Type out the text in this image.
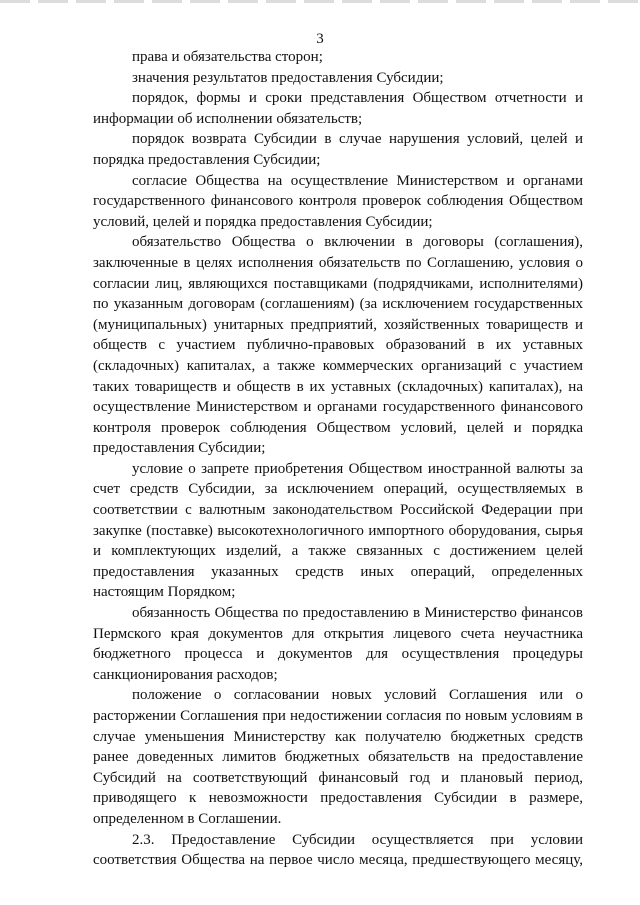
3

права и обязательства сторон;

значения результатов предоставления Субсидии;

порядок, формы и сроки представления Обществом отчетности и информации об исполнении обязательств;

порядок возврата Субсидии в случае нарушения условий, целей и порядка предоставления Субсидии;

согласие Общества на осуществление Министерством и органами государственного финансового контроля проверок соблюдения Обществом условий, целей и порядка предоставления Субсидии;

обязательство Общества о включении в договоры (соглашения), заключенные в целях исполнения обязательств по Соглашению, условия о согласии лиц, являющихся поставщиками (подрядчиками, исполнителями) по указанным договорам (соглашениям) (за исключением государственных (муниципальных) унитарных предприятий, хозяйственных товариществ и обществ с участием публично-правовых образований в их уставных (складочных) капиталах, а также коммерческих организаций с участием таких товариществ и обществ в их уставных (складочных) капиталах), на осуществление Министерством и органами государственного финансового контроля проверок соблюдения Обществом условий, целей и порядка предоставления Субсидии;

условие о запрете приобретения Обществом иностранной валюты за счет средств Субсидии, за исключением операций, осуществляемых в соответствии с валютным законодательством Российской Федерации при закупке (поставке) высокотехнологичного импортного оборудования, сырья и комплектующих изделий, а также связанных с достижением целей предоставления указанных средств иных операций, определенных настоящим Порядком;

обязанность Общества по предоставлению в Министерство финансов Пермского края документов для открытия лицевого счета неучастника бюджетного процесса и документов для осуществления процедуры санкционирования расходов;

положение о согласовании новых условий Соглашения или о расторжении Соглашения при недостижении согласия по новым условиям в случае уменьшения Министерству как получателю бюджетных средств ранее доведенных лимитов бюджетных обязательств на предоставление Субсидий на соответствующий финансовый год и плановый период, приводящего к невозможности предоставления Субсидии в размере, определенном в Соглашении.

2.3. Предоставление Субсидии осуществляется при условии соответствия Общества на первое число месяца, предшествующего месяцу,
